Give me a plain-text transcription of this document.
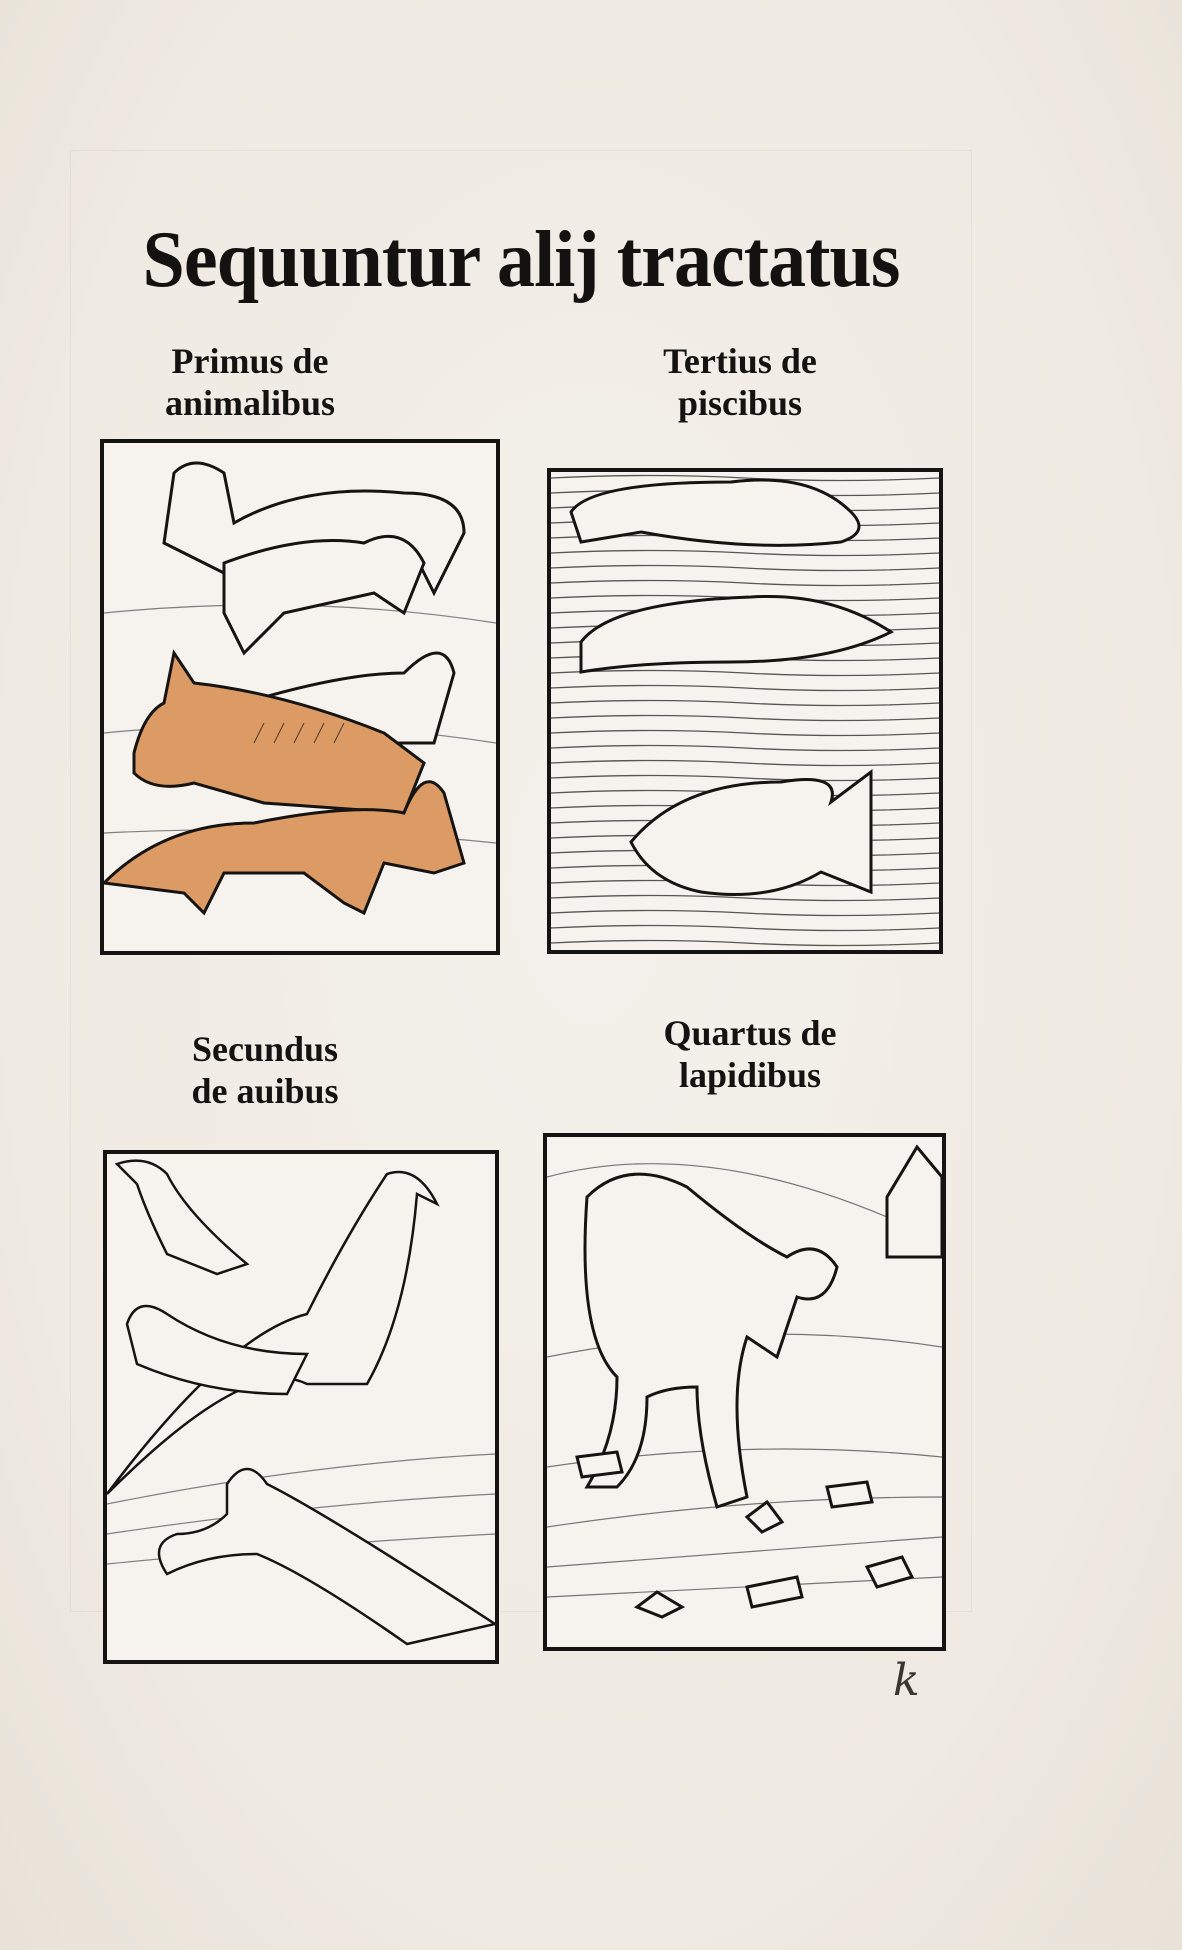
Sequuntur alij tractatus
Primus de
animalibus
Tertius de
piscibus
Secundus
de auibus
Quartus de
lapidibus
k
